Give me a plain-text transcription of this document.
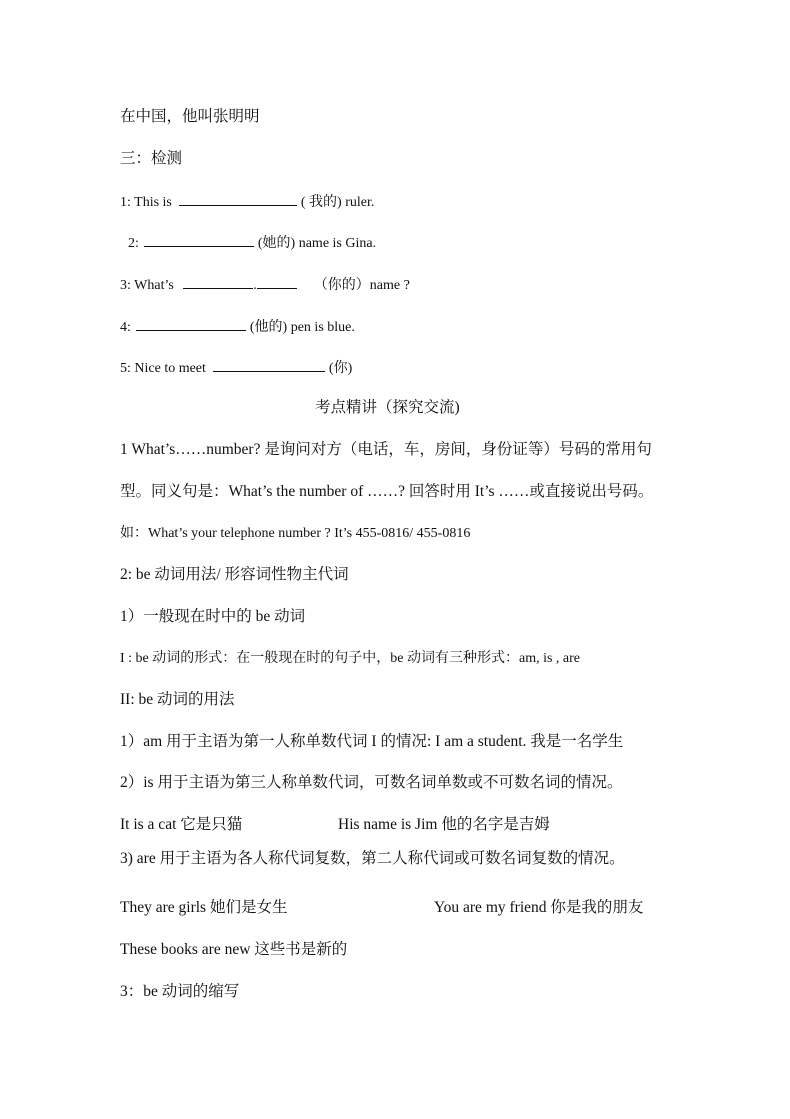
在中国，他叫张明明
三：检测
1: This is	( 我的) ruler.
2:	(她的) name is Gina.
3: What’s	.	（你的）name ?
4:	(他的) pen is blue.
5: Nice to meet	(你)
考点精讲（探究交流)
1 What’s……number? 是询问对方（电话，车，房间，身份证等）号码的常用句
型。同义句是：What’s the number of ……? 回答时用 It’s ……或直接说出号码。
如：What’s your telephone number ? It’s 455-0816/ 455-0816
2: be 动词用法/ 形容词性物主代词
1）一般现在时中的 be 动词
I : be 动词的形式：在一般现在时的句子中，be 动词有三种形式：am, is , are
II: be 动词的用法
1）am 用于主语为第一人称单数代词 I 的情况: I am a student. 我是一名学生
2）is 用于主语为第三人称单数代词，可数名词单数或不可数名词的情况。
It is a cat 它是只猫	His name is Jim 他的名字是吉姆
3) are 用于主语为各人称代词复数，第二人称代词或可数名词复数的情况。
They are girls 她们是女生	You are my friend 你是我的朋友
These books are new 这些书是新的
3：be 动词的缩写
